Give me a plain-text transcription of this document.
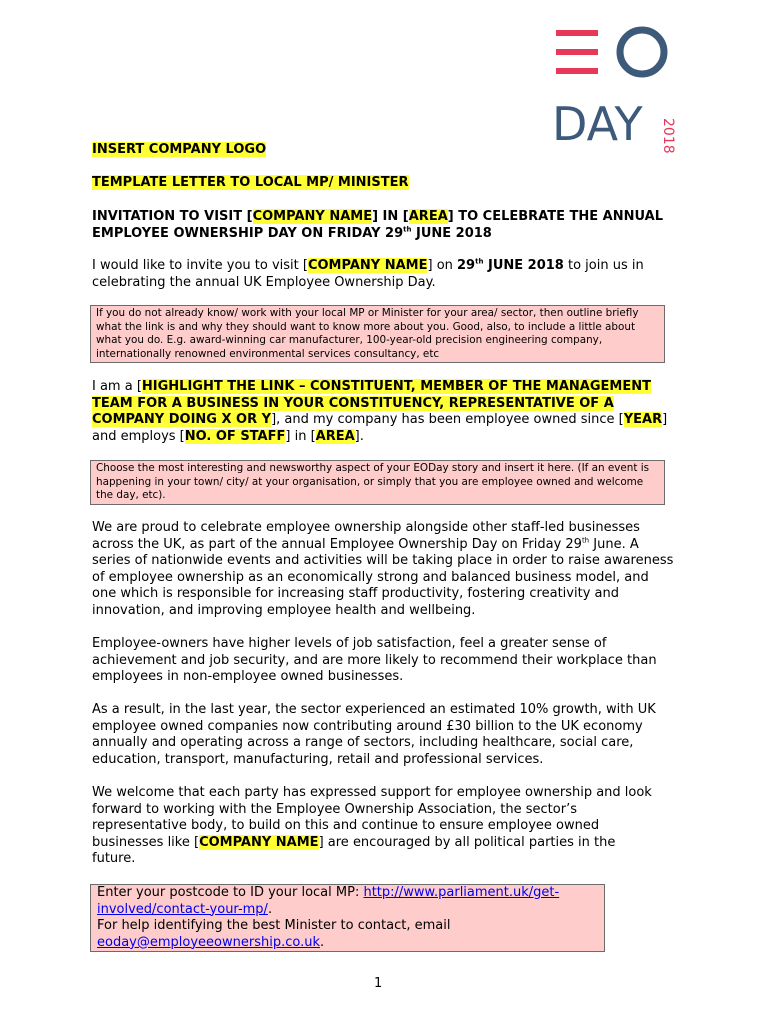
DAY 2018

INSERT COMPANY LOGO

TEMPLATE LETTER TO LOCAL MP/ MINISTER

INVITATION TO VISIT [COMPANY NAME] IN [AREA] TO CELEBRATE THE ANNUAL EMPLOYEE OWNERSHIP DAY ON FRIDAY 29th JUNE 2018

I would like to invite you to visit [COMPANY NAME] on 29th JUNE 2018 to join us in celebrating the annual UK Employee Ownership Day.

If you do not already know/ work with your local MP or Minister for your area/ sector, then outline briefly what the link is and why they should want to know more about you. Good, also, to include a little about what you do. E.g. award-winning car manufacturer, 100-year-old precision engineering company, internationally renowned environmental services consultancy, etc

I am a [HIGHLIGHT THE LINK – CONSTITUENT, MEMBER OF THE MANAGEMENT TEAM FOR A BUSINESS IN YOUR CONSTITUENCY, REPRESENTATIVE OF A COMPANY DOING X OR Y], and my company has been employee owned since [YEAR] and employs [NO. OF STAFF] in [AREA].

Choose the most interesting and newsworthy aspect of your EODay story and insert it here. (If an event is happening in your town/ city/ at your organisation, or simply that you are employee owned and welcome the day, etc).

We are proud to celebrate employee ownership alongside other staff-led businesses across the UK, as part of the annual Employee Ownership Day on Friday 29th June. A series of nationwide events and activities will be taking place in order to raise awareness of employee ownership as an economically strong and balanced business model, and one which is responsible for increasing staff productivity, fostering creativity and innovation, and improving employee health and wellbeing.

Employee-owners have higher levels of job satisfaction, feel a greater sense of achievement and job security, and are more likely to recommend their workplace than employees in non-employee owned businesses.

As a result, in the last year, the sector experienced an estimated 10% growth, with UK employee owned companies now contributing around £30 billion to the UK economy annually and operating across a range of sectors, including healthcare, social care, education, transport, manufacturing, retail and professional services.

We welcome that each party has expressed support for employee ownership and look forward to working with the Employee Ownership Association, the sector’s representative body, to build on this and continue to ensure employee owned businesses like [COMPANY NAME] are encouraged by all political parties in the future.

Enter your postcode to ID your local MP: http://www.parliament.uk/get-involved/contact-your-mp/.
For help identifying the best Minister to contact, email eoday@employeeownership.co.uk.
1
